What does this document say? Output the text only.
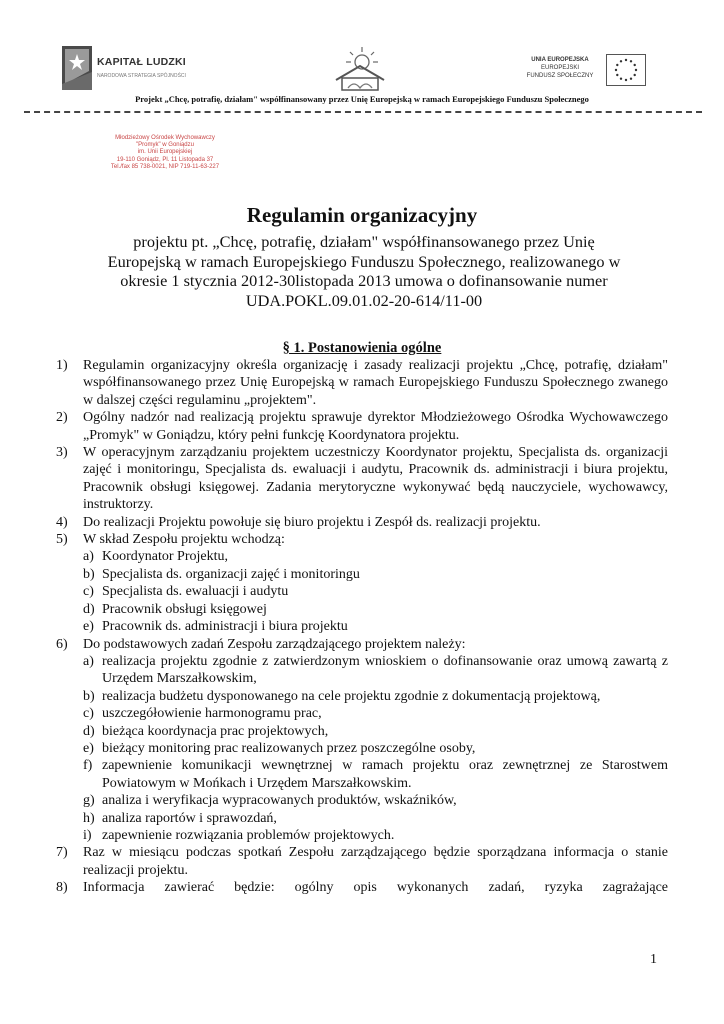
KAPITAŁ LUDZKI
NARODOWA STRATEGIA SPÓJNOŚCI
UNIA EUROPEJSKA
EUROPEJSKI
FUNDUSZ SPOŁECZNY
Projekt „Chcę, potrafię, działam" współfinansowany przez Unię Europejską w ramach Europejskiego Funduszu Społecznego
Młodzieżowy Ośrodek Wychowawczy
"Promyk" w Goniądzu
im. Unii Europejskiej
19-110 Goniądz, Pl. 11 Listopada 37
Tel./fax 85 738-0021, NIP 719-11-63-227
Regulamin organizacyjny
projektu pt. „Chcę, potrafię, działam" współfinansowanego przez Unię
Europejską w ramach Europejskiego Funduszu Społecznego, realizowanego w
okresie 1 stycznia 2012-30listopada 2013 umowa o dofinansowanie numer
UDA.POKL.09.01.02-20-614/11-00
§ 1. Postanowienia ogólne
1) Regulamin organizacyjny określa organizację i zasady realizacji projektu „Chcę, potrafię, działam" współfinansowanego przez Unię Europejską w ramach Europejskiego Funduszu Społecznego zwanego w dalszej części regulaminu „projektem".
2) Ogólny nadzór nad realizacją projektu sprawuje dyrektor Młodzieżowego Ośrodka Wychowawczego „Promyk" w Goniądzu, który pełni funkcję Koordynatora projektu.
3) W operacyjnym zarządzaniu projektem uczestniczy Koordynator projektu, Specjalista ds. organizacji zajęć i monitoringu, Specjalista ds. ewaluacji i audytu, Pracownik ds. administracji i biura projektu, Pracownik obsługi księgowej. Zadania merytoryczne wykonywać będą nauczyciele, wychowawcy, instruktorzy.
4) Do realizacji Projektu powołuje się biuro projektu i Zespół ds. realizacji projektu.
5) W skład Zespołu projektu wchodzą:
a) Koordynator Projektu,
b) Specjalista ds. organizacji zajęć i monitoringu
c) Specjalista ds. ewaluacji i audytu
d) Pracownik obsługi księgowej
e) Pracownik ds. administracji i biura projektu
6) Do podstawowych zadań Zespołu zarządzającego projektem należy:
a) realizacja projektu zgodnie z zatwierdzonym wnioskiem o dofinansowanie oraz umową zawartą z Urzędem Marszałkowskim,
b) realizacja budżetu dysponowanego na cele projektu zgodnie z dokumentacją projektową,
c) uszczegółowienie harmonogramu prac,
d) bieżąca koordynacja prac projektowych,
e) bieżący monitoring prac realizowanych przez poszczególne osoby,
f) zapewnienie komunikacji wewnętrznej w ramach projektu oraz zewnętrznej ze Starostwem Powiatowym w Mońkach i Urzędem Marszałkowskim.
g) analiza i weryfikacja wypracowanych produktów, wskaźników,
h) analiza raportów i sprawozdań,
i) zapewnienie rozwiązania problemów projektowych.
7) Raz w miesiącu podczas spotkań Zespołu zarządzającego będzie sporządzana informacja o stanie realizacji projektu.
8) Informacja zawierać będzie: ogólny opis wykonanych zadań, ryzyka zagrażające
1
